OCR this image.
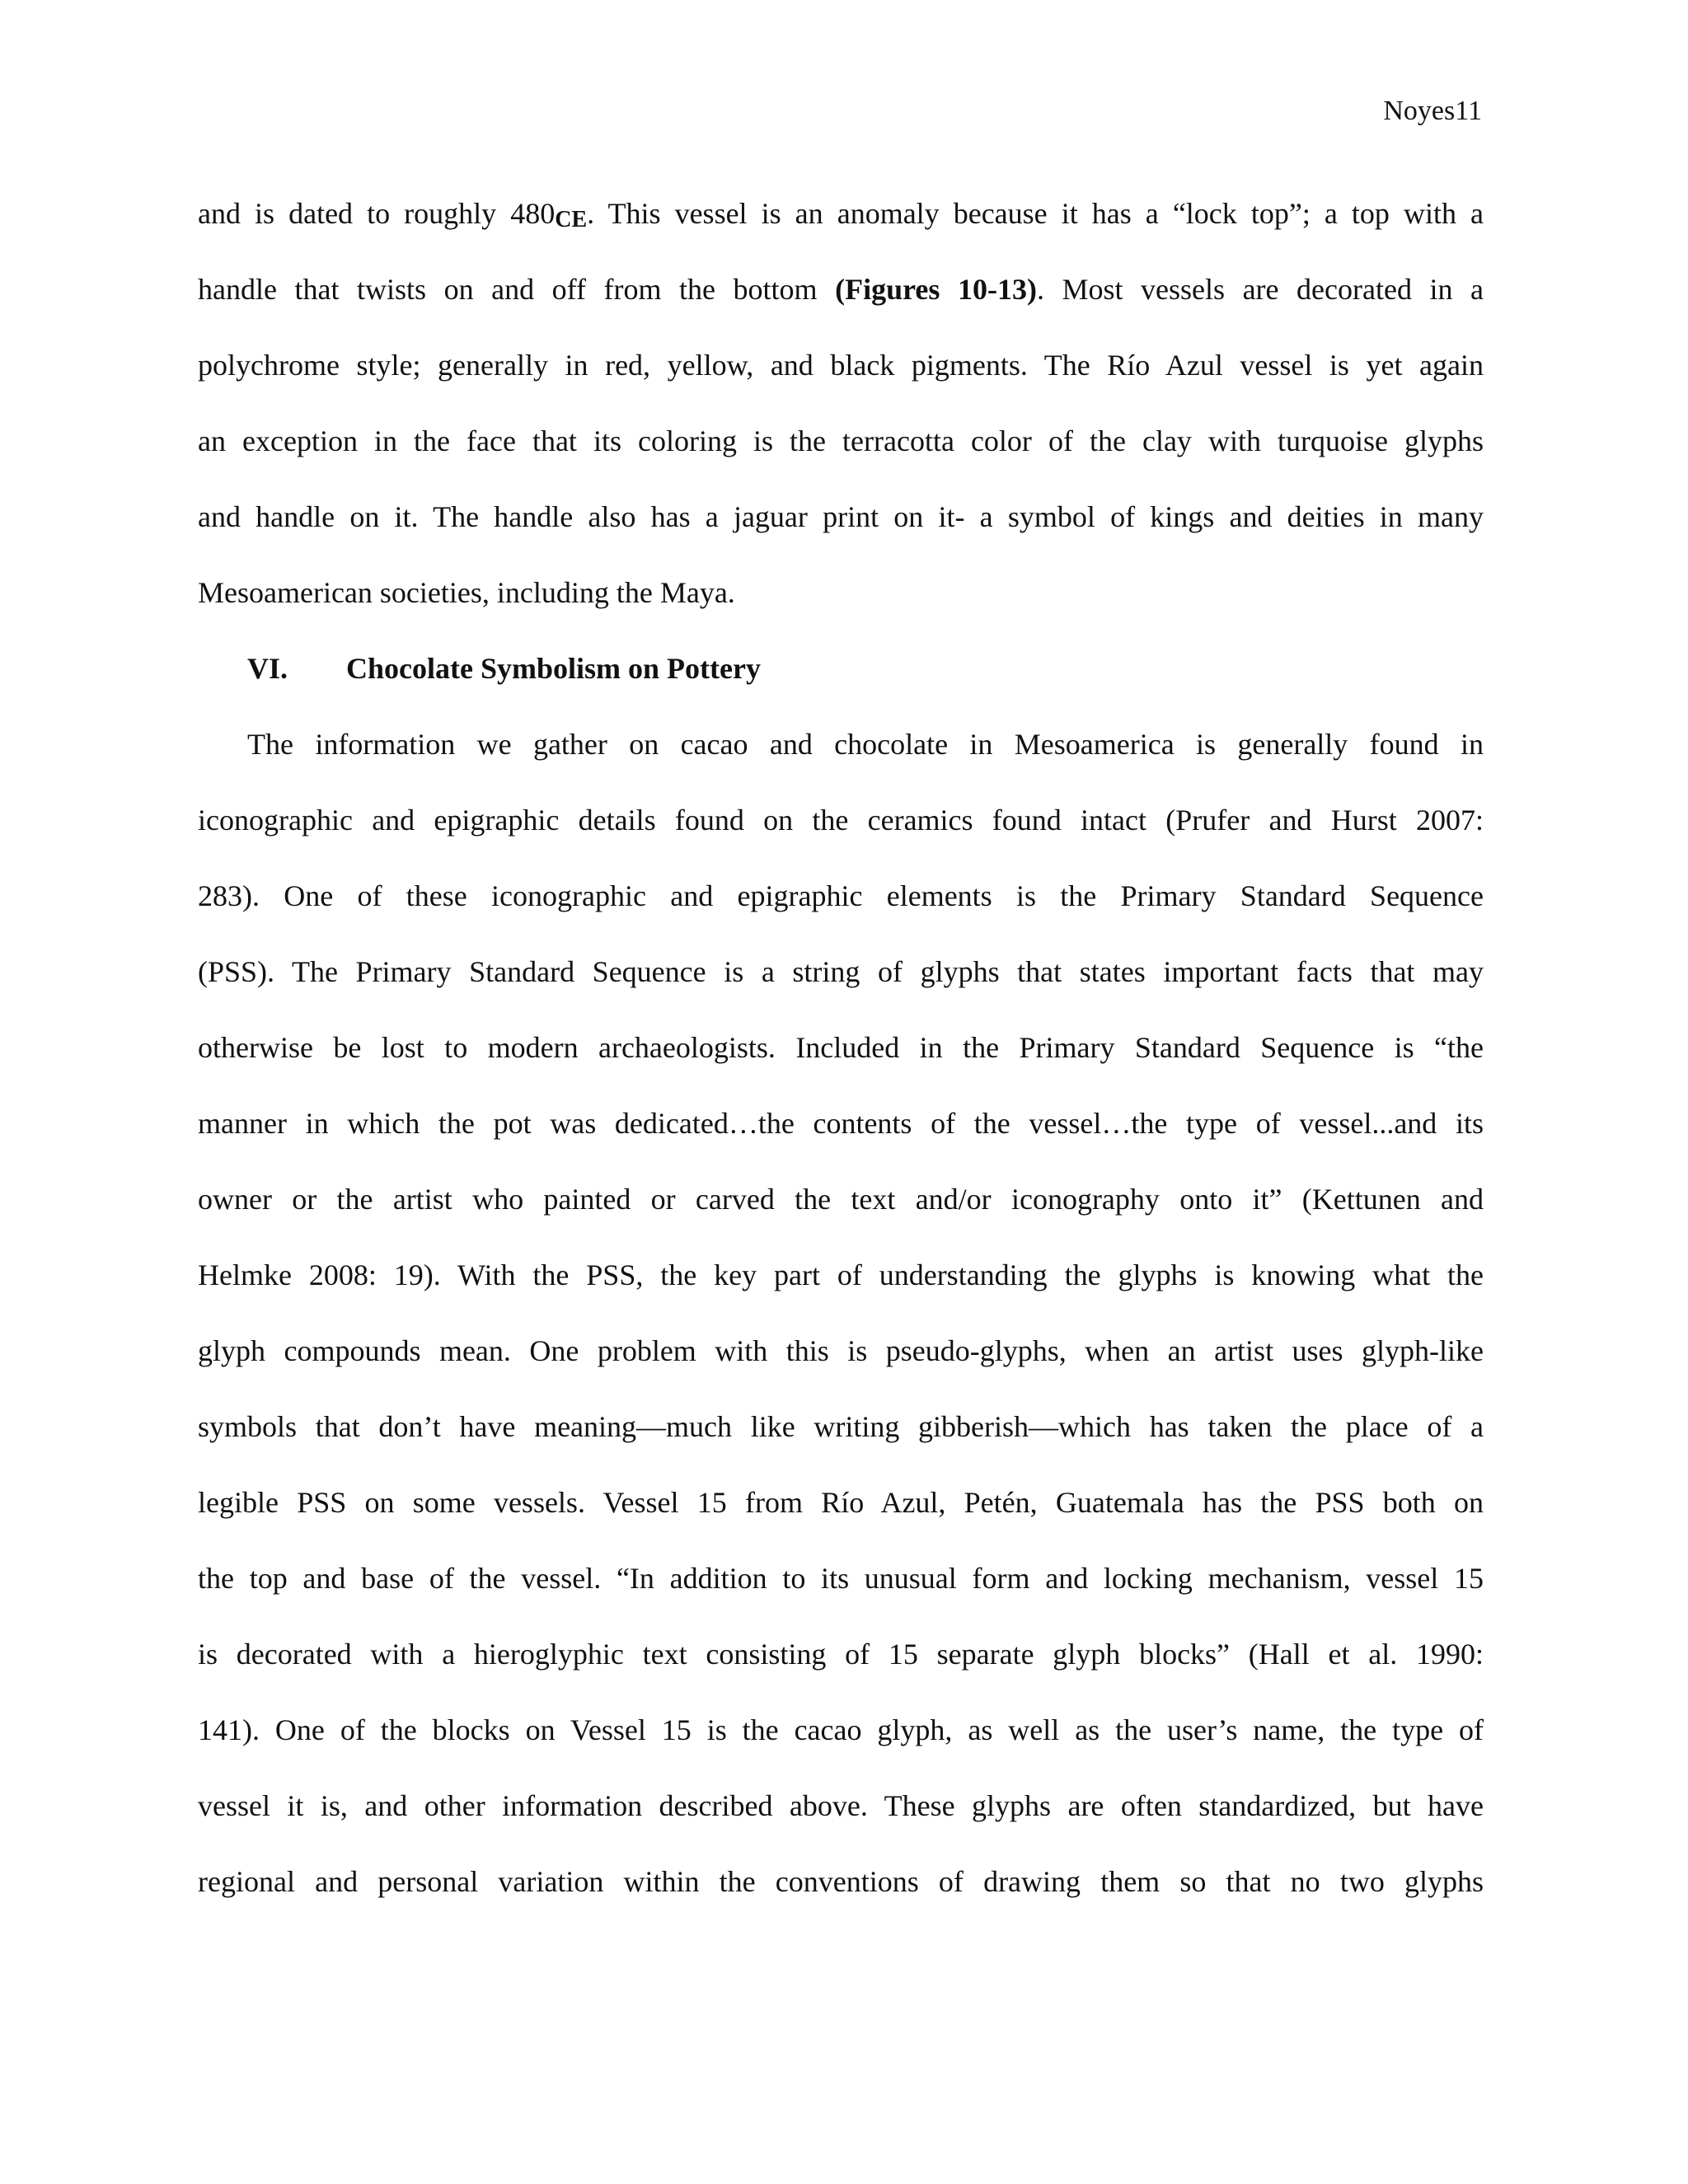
Noyes11
and is dated to roughly 480CE. This vessel is an anomaly because it has a “lock top”; a top with a
handle that twists on and off from the bottom (Figures 10-13). Most vessels are decorated in a
polychrome style; generally in red, yellow, and black pigments. The Río Azul vessel is yet again
an exception in the face that its coloring is the terracotta color of the clay with turquoise glyphs
and handle on it. The handle also has a jaguar print on it- a symbol of kings and deities in many
Mesoamerican societies, including the Maya.
VI. Chocolate Symbolism on Pottery
The information we gather on cacao and chocolate in Mesoamerica is generally found in
iconographic and epigraphic details found on the ceramics found intact (Prufer and Hurst 2007:
283). One of these iconographic and epigraphic elements is the Primary Standard Sequence
(PSS). The Primary Standard Sequence is a string of glyphs that states important facts that may
otherwise be lost to modern archaeologists. Included in the Primary Standard Sequence is “the
manner in which the pot was dedicated…the contents of the vessel…the type of vessel...and its
owner or the artist who painted or carved the text and/or iconography onto it” (Kettunen and
Helmke 2008: 19). With the PSS, the key part of understanding the glyphs is knowing what the
glyph compounds mean. One problem with this is pseudo-glyphs, when an artist uses glyph-like
symbols that don’t have meaning—much like writing gibberish—which has taken the place of a
legible PSS on some vessels. Vessel 15 from Río Azul, Petén, Guatemala has the PSS both on
the top and base of the vessel. “In addition to its unusual form and locking mechanism, vessel 15
is decorated with a hieroglyphic text consisting of 15 separate glyph blocks” (Hall et al. 1990:
141). One of the blocks on Vessel 15 is the cacao glyph, as well as the user’s name, the type of
vessel it is, and other information described above. These glyphs are often standardized, but have
regional and personal variation within the conventions of drawing them so that no two glyphs
